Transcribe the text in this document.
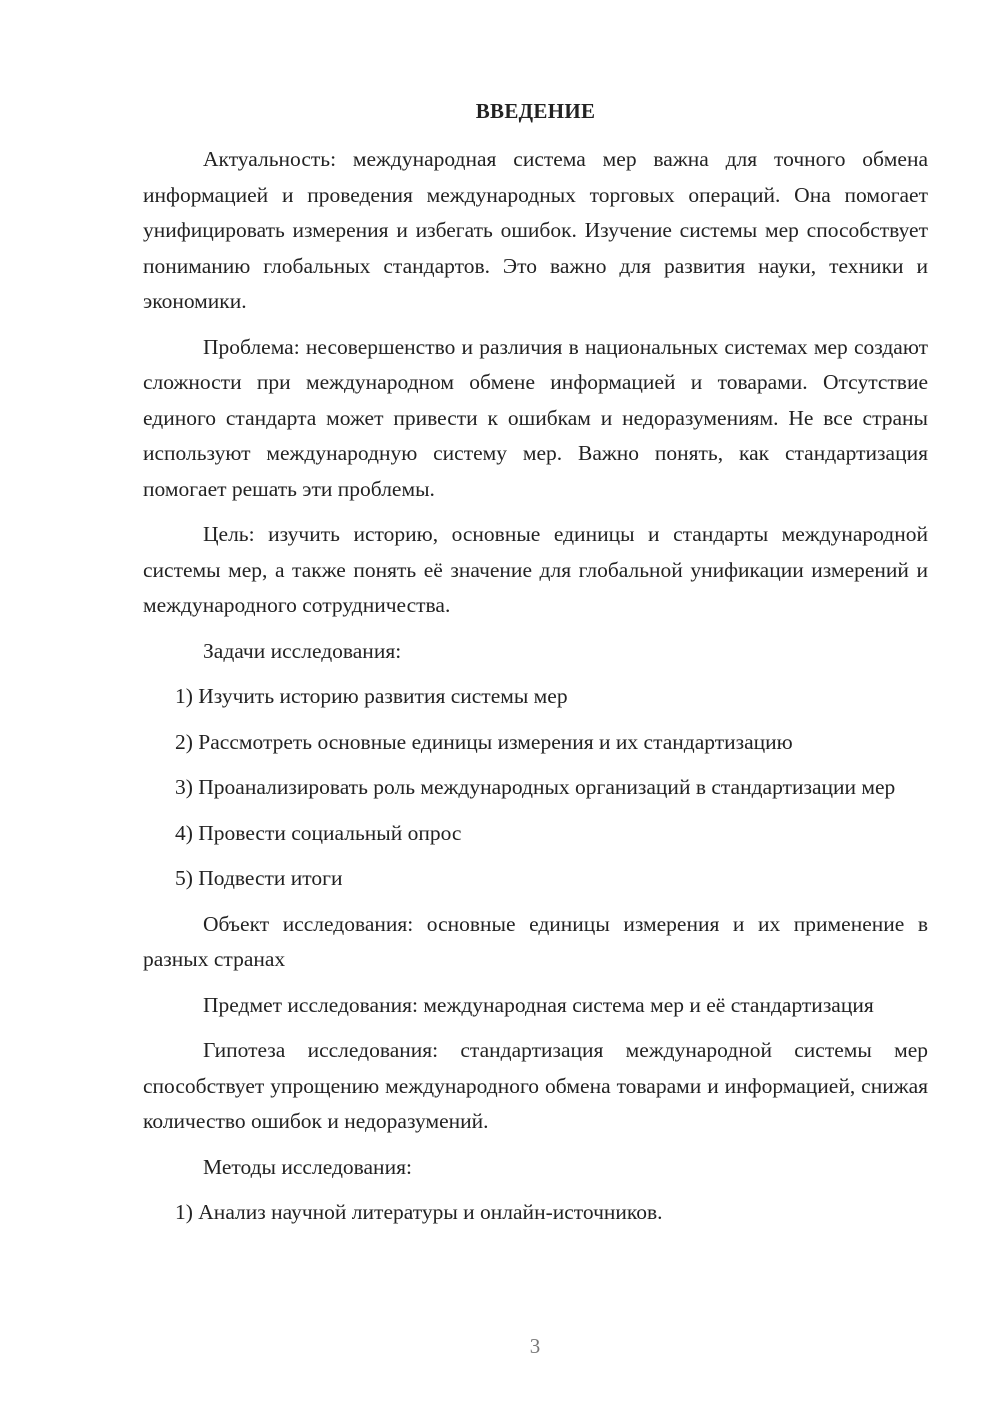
ВВЕДЕНИЕ

Актуальность: международная система мер важна для точного обмена информацией и проведения международных торговых операций. Она помогает унифицировать измерения и избегать ошибок. Изучение системы мер способствует пониманию глобальных стандартов. Это важно для развития науки, техники и экономики.

Проблема: несовершенство и различия в национальных системах мер создают сложности при международном обмене информацией и товарами. Отсутствие единого стандарта может привести к ошибкам и недоразумениям. Не все страны используют международную систему мер. Важно понять, как стандартизация помогает решать эти проблемы.

Цель: изучить историю, основные единицы и стандарты международной системы мер, а также понять её значение для глобальной унификации измерений и международного сотрудничества.

Задачи исследования:

1) Изучить историю развития системы мер

2) Рассмотреть основные единицы измерения и их стандартизацию

3) Проанализировать роль международных организаций в стандартизации мер

4) Провести социальный опрос

5) Подвести итоги

Объект исследования: основные единицы измерения и их применение в разных странах

Предмет исследования: международная система мер и её стандартизация

Гипотеза исследования: стандартизация международной системы мер способствует упрощению международного обмена товарами и информацией, снижая количество ошибок и недоразумений.

Методы исследования:

1) Анализ научной литературы и онлайн-источников.

3
